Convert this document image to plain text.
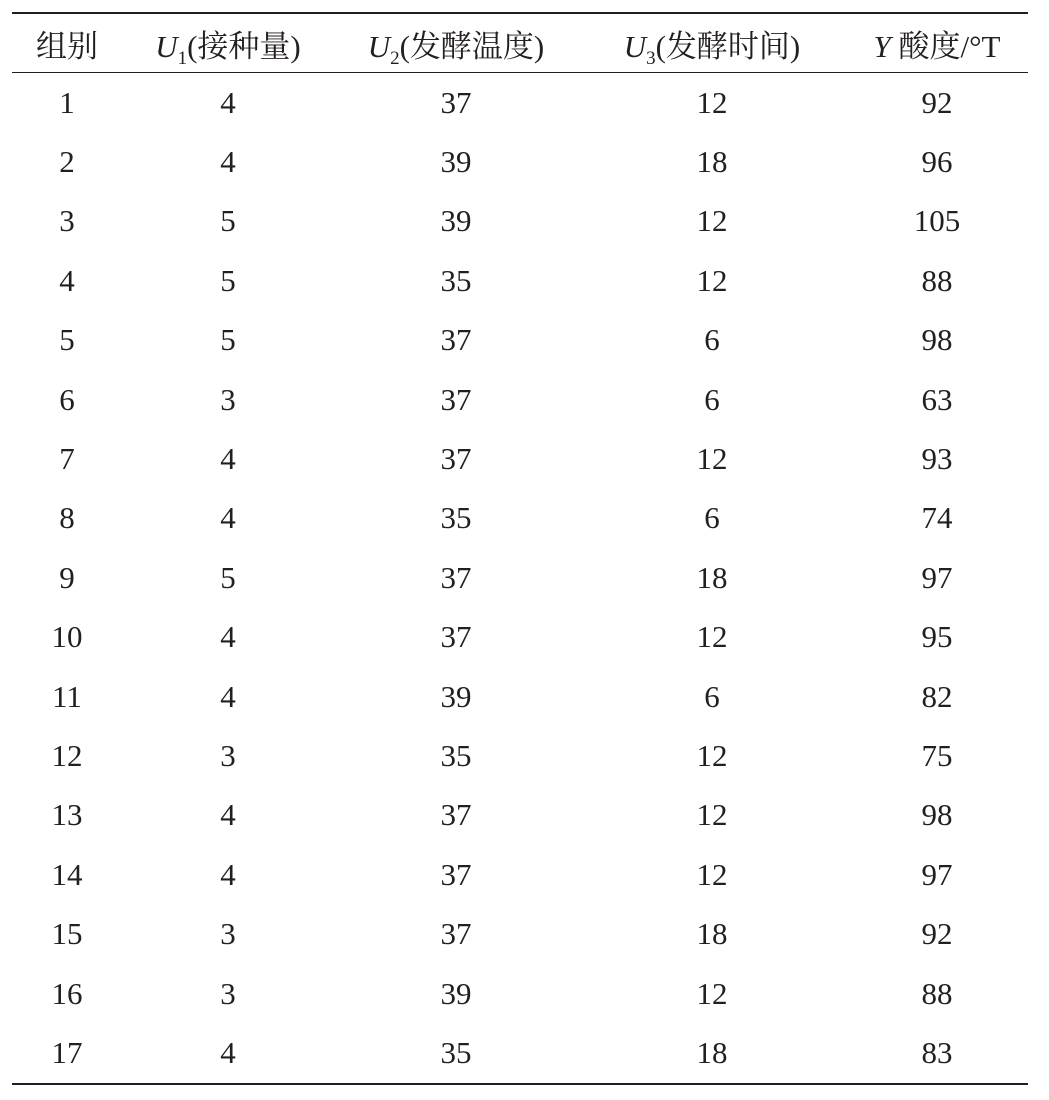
组别	$U_1$(接种量)	$U_2$(发酵温度)	$U_3$(发酵时间)	Y 酸度/°T
1	4	37	12	92
2	4	39	18	96
3	5	39	12	105
4	5	35	12	88
5	5	37	6	98
6	3	37	6	63
7	4	37	12	93
8	4	35	6	74
9	5	37	18	97
10	4	37	12	95
11	4	39	6	82
12	3	35	12	75
13	4	37	12	98
14	4	37	12	97
15	3	37	18	92
16	3	39	12	88
17	4	35	18	83
